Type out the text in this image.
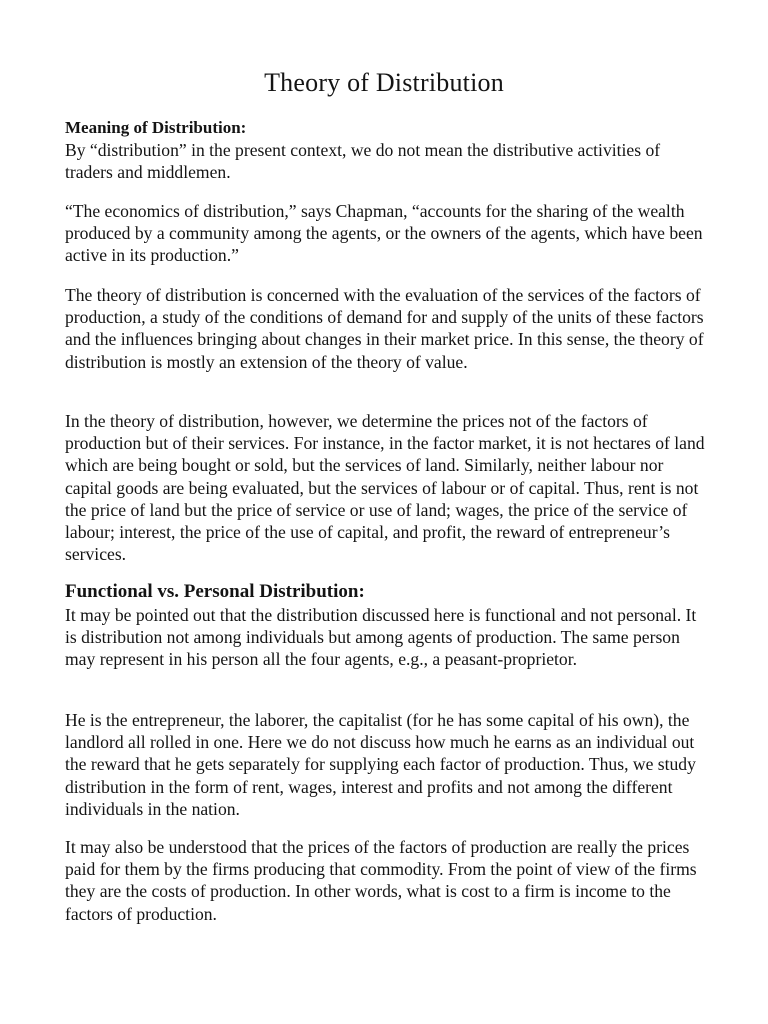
Theory of Distribution
Meaning of Distribution:

By “distribution” in the present context, we do not mean the distributive activities of traders and middlemen.

“The economics of distribution,” says Chapman, “accounts for the sharing of the wealth produced by a community among the agents, or the owners of the agents, which have been active in its production.”

The theory of distribution is concerned with the evaluation of the services of the factors of production, a study of the conditions of demand for and supply of the units of these factors and the influences bringing about changes in their market price. In this sense, the theory of distribution is mostly an extension of the theory of value.

In the theory of distribution, however, we determine the prices not of the factors of production but of their services. For instance, in the factor market, it is not hectares of land which are being bought or sold, but the services of land. Similarly, neither labour nor capital goods are being evaluated, but the services of labour or of capital. Thus, rent is not the price of land but the price of service or use of land; wages, the price of the service of labour; interest, the price of the use of capital, and profit, the reward of entrepreneur’s services.

Functional vs. Personal Distribution:

It may be pointed out that the distribution discussed here is functional and not personal. It is distribution not among individuals but among agents of production. The same person may represent in his person all the four agents, e.g., a peasant-proprietor.

He is the entrepreneur, the laborer, the capitalist (for he has some capital of his own), the landlord all rolled in one. Here we do not discuss how much he earns as an individual out the reward that he gets separately for supplying each factor of production. Thus, we study distribution in the form of rent, wages, interest and profits and not among the different individuals in the nation.

It may also be understood that the prices of the factors of production are really the prices paid for them by the firms producing that commodity. From the point of view of the firms they are the costs of production. In other words, what is cost to a firm is income to the factors of production.
